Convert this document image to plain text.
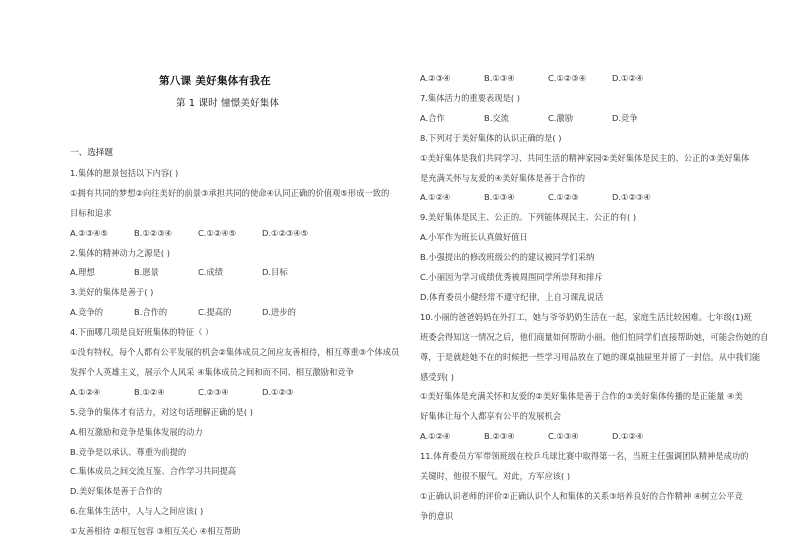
第八课 美好集体有我在
第 1 课时 憧憬美好集体
一、选择题
1.集体的愿景包括以下内容( )
①拥有共同的梦想②向往美好的前景③承担共同的使命④认同正确的价值观⑤形成一致的
目标和追求
A.②③④⑤	B.①②③④	C.①②④⑤	D.①②③④⑤
2.集体的精神动力之源是( )
A.理想	B.愿景	C.成绩	D.目标
3.美好的集体是善于( )
A.竞争的	B.合作的	C.提高的	D.进步的
4.下面哪几项是良好班集体的特征（ ）
①没有特权，每个人都有公平发展的机会②集体成员之间应友善相待，相互尊重③个体成员
发挥个人英雄主义，展示个人风采 ④集体成员之间和而不同、相互激励和竞争
A.①②④	B.①②④	C.②③④	D.①②③
5.竞争的集体才有活力，对这句话理解正确的是( )
A.相互激励和竞争是集体发展的动力
B.竞争是以承认、尊重为前提的
C.集体成员之间交流互鉴、合作学习共同提高
D.美好集体是善于合作的
6.在集体生活中，人与人之间应该( )
①友善相待 ②相互包容 ③相互关心 ④相互帮助
A.②③④	B.①③④	C.①②③④	D.①②④
7.集体活力的重要表现是( )
A.合作	B.交流	C.激励	D.竞争
8.下列对于美好集体的认识正确的是( )
①美好集体是我们共同学习、共同生活的精神家园②美好集体是民主的、公正的③美好集体
是充满关怀与友爱的④美好集体是善于合作的
A.①②④	B.①③④	C.①②③	D.①②③④
9.美好集体是民主、公正的。下列能体现民主、公正的有( )
A.小军作为班长认真做好值日
B.小强提出的修改班级公约的建议被同学们采纳
C.小丽因为学习成绩优秀被周围同学所崇拜和排斥
D.体育委员小健经常不遵守纪律，上自习课乱说话
10.小丽的爸爸妈妈在外打工，她与爷爷奶奶生活在一起，家庭生活比较困难。七年级(1)班
班委会得知这一情况之后，他们商量如何帮助小丽。他们怕同学们直接帮助她，可能会伤她的自
尊，于是就趁她不在的时候把一些学习用品放在了她的课桌抽屉里并留了一封信。从中我们能
感受到( )
①美好集体是充满关怀和友爱的②美好集体是善于合作的③美好集体传播的是正能量 ④美
好集体让每个人都享有公平的发展机会
A.①②④	B.②③④	C.①③④	D.①②④
11.体育委员方军带领班级在校乒乓球比赛中取得第一名，当班主任强调团队精神是成功的
关键时，他很不服气。对此，方军应该( )
①正确认识老师的评价②正确认识个人和集体的关系③培养良好的合作精神 ④树立公平竞
争的意识
